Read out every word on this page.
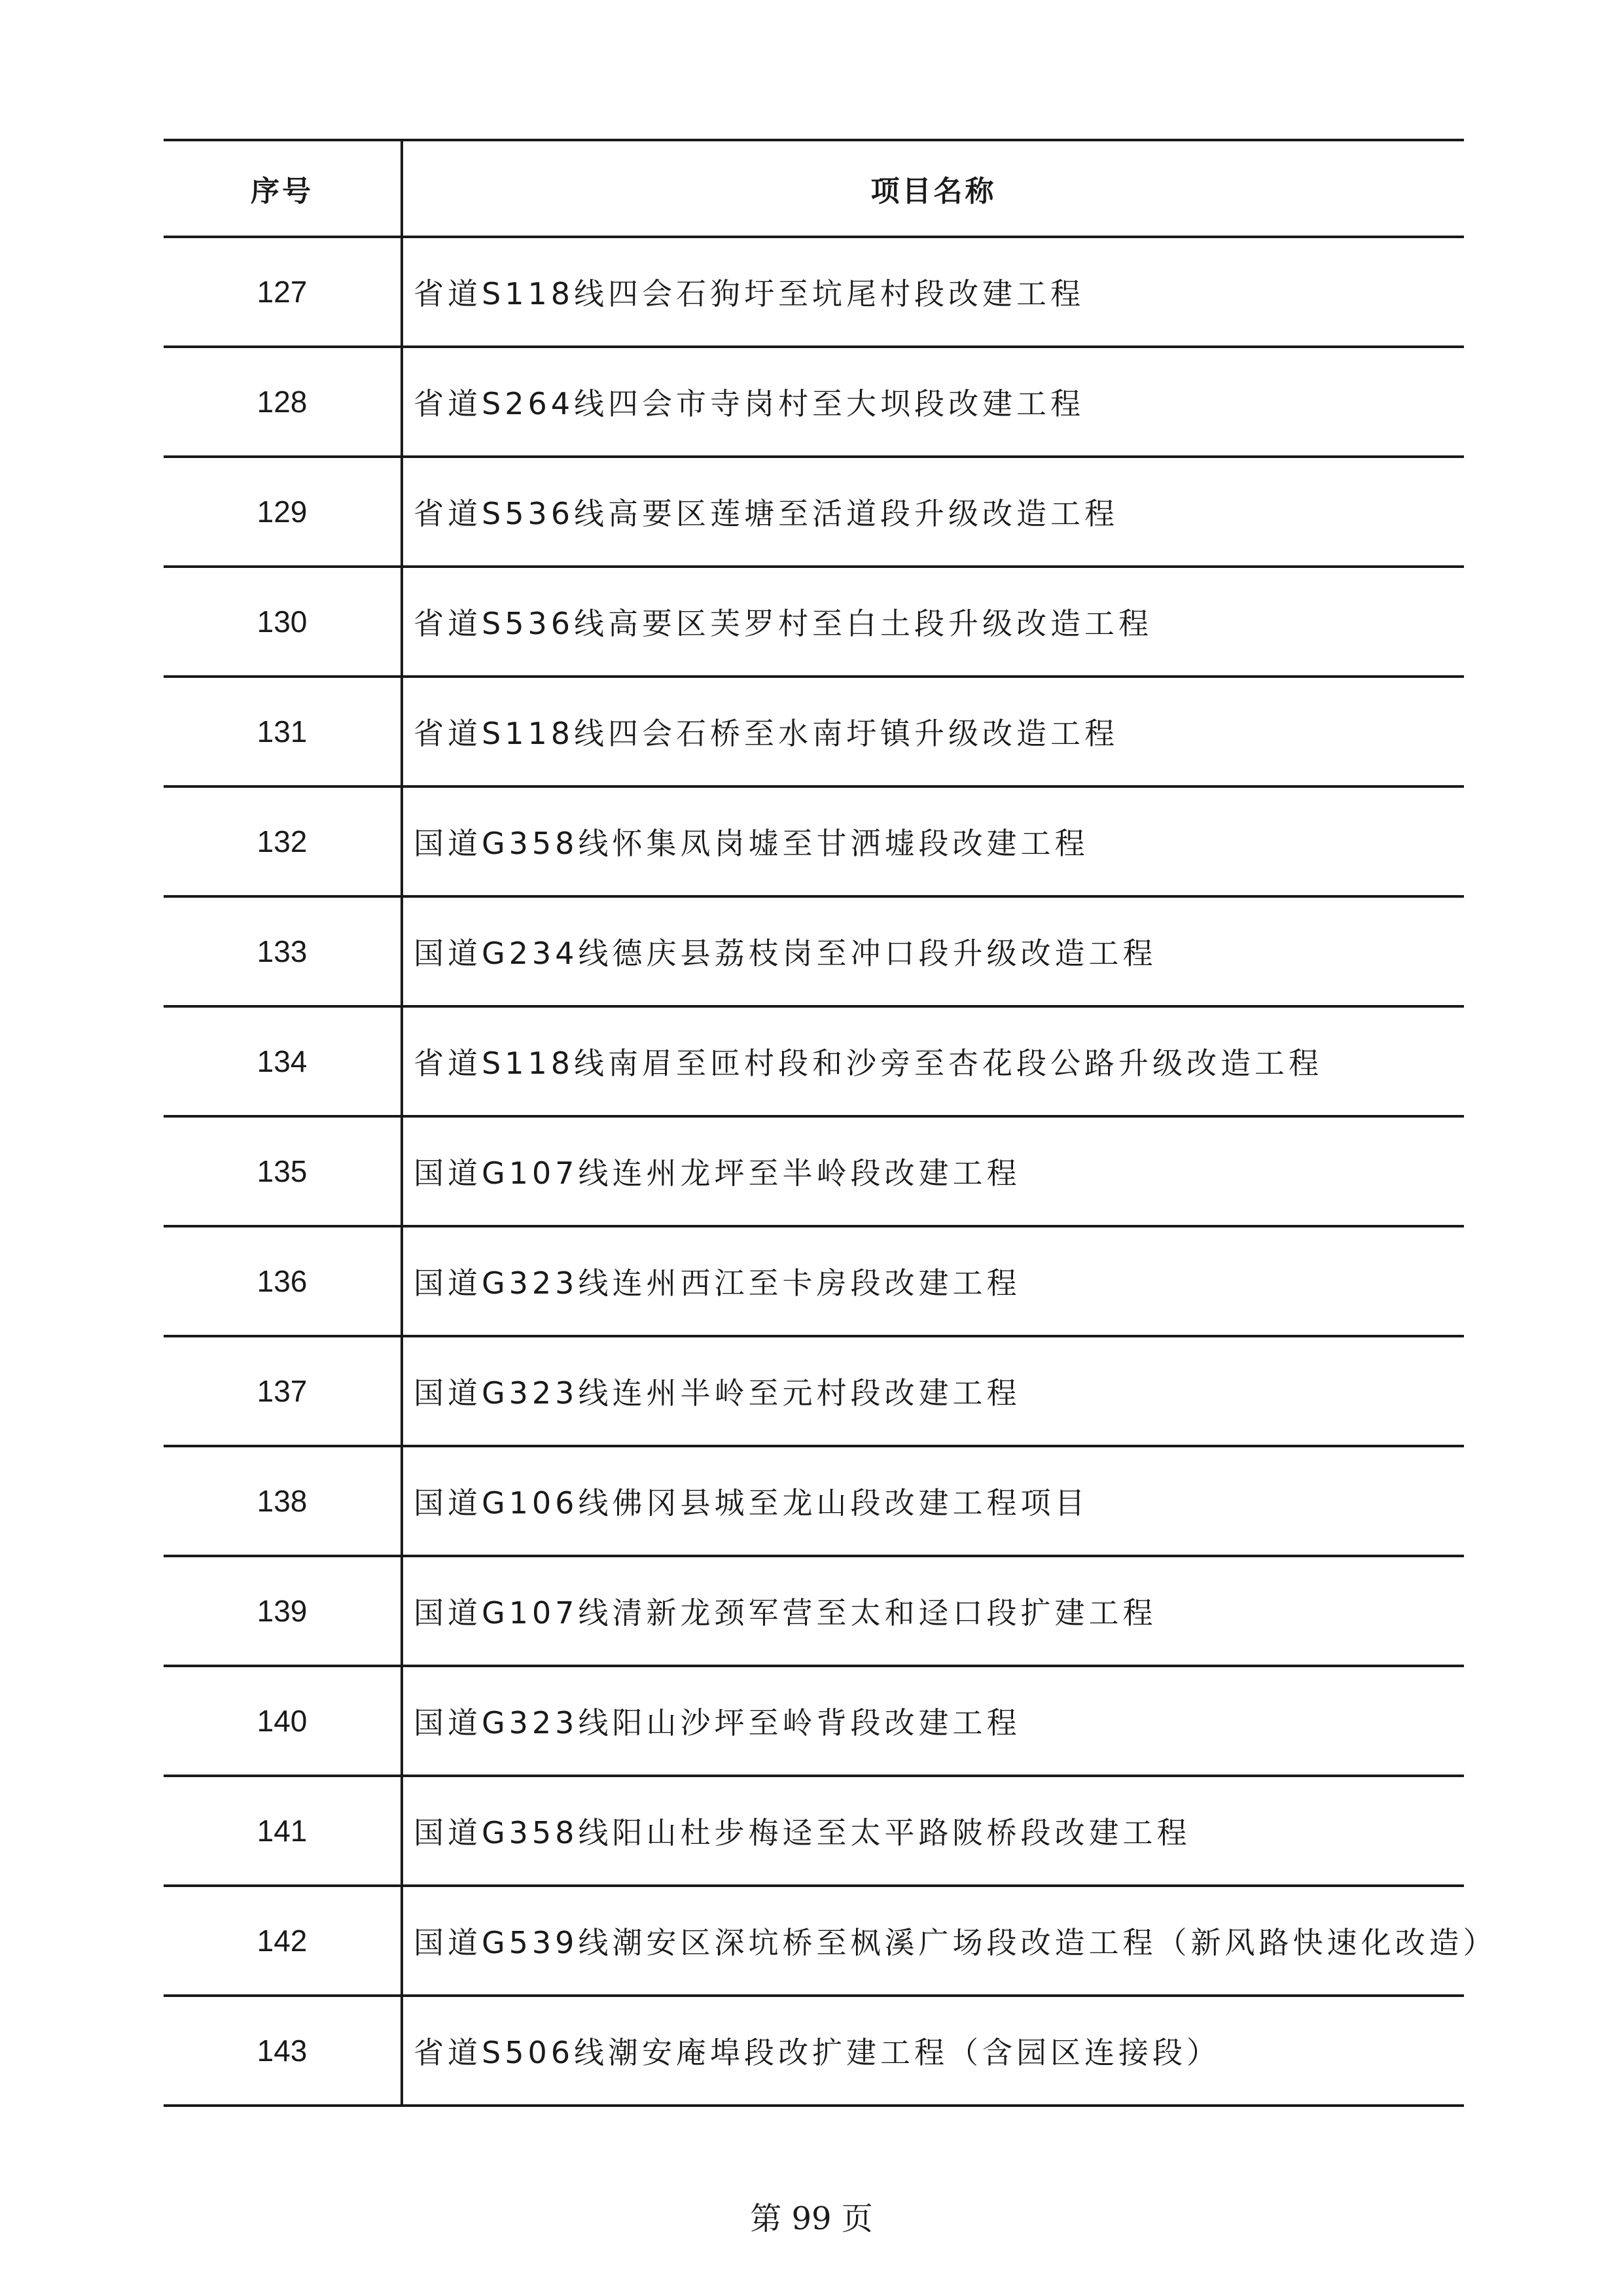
序号	项目名称
127	省道S118线四会石狗圩至坑尾村段改建工程
128	省道S264线四会市寺岗村至大坝段改建工程
129	省道S536线高要区莲塘至活道段升级改造工程
130	省道S536线高要区芙罗村至白土段升级改造工程
131	省道S118线四会石桥至水南圩镇升级改造工程
132	国道G358线怀集凤岗墟至甘洒墟段改建工程
133	国道G234线德庆县荔枝岗至冲口段升级改造工程
134	省道S118线南眉至匝村段和沙旁至杏花段公路升级改造工程
135	国道G107线连州龙坪至半岭段改建工程
136	国道G323线连州西江至卡房段改建工程
137	国道G323线连州半岭至元村段改建工程
138	国道G106线佛冈县城至龙山段改建工程项目
139	国道G107线清新龙颈军营至太和迳口段扩建工程
140	国道G323线阳山沙坪至岭背段改建工程
141	国道G358线阳山杜步梅迳至太平路陂桥段改建工程
142	国道G539线潮安区深坑桥至枫溪广场段改造工程（新风路快速化改造）
143	省道S506线潮安庵埠段改扩建工程（含园区连接段）
第 99 页
